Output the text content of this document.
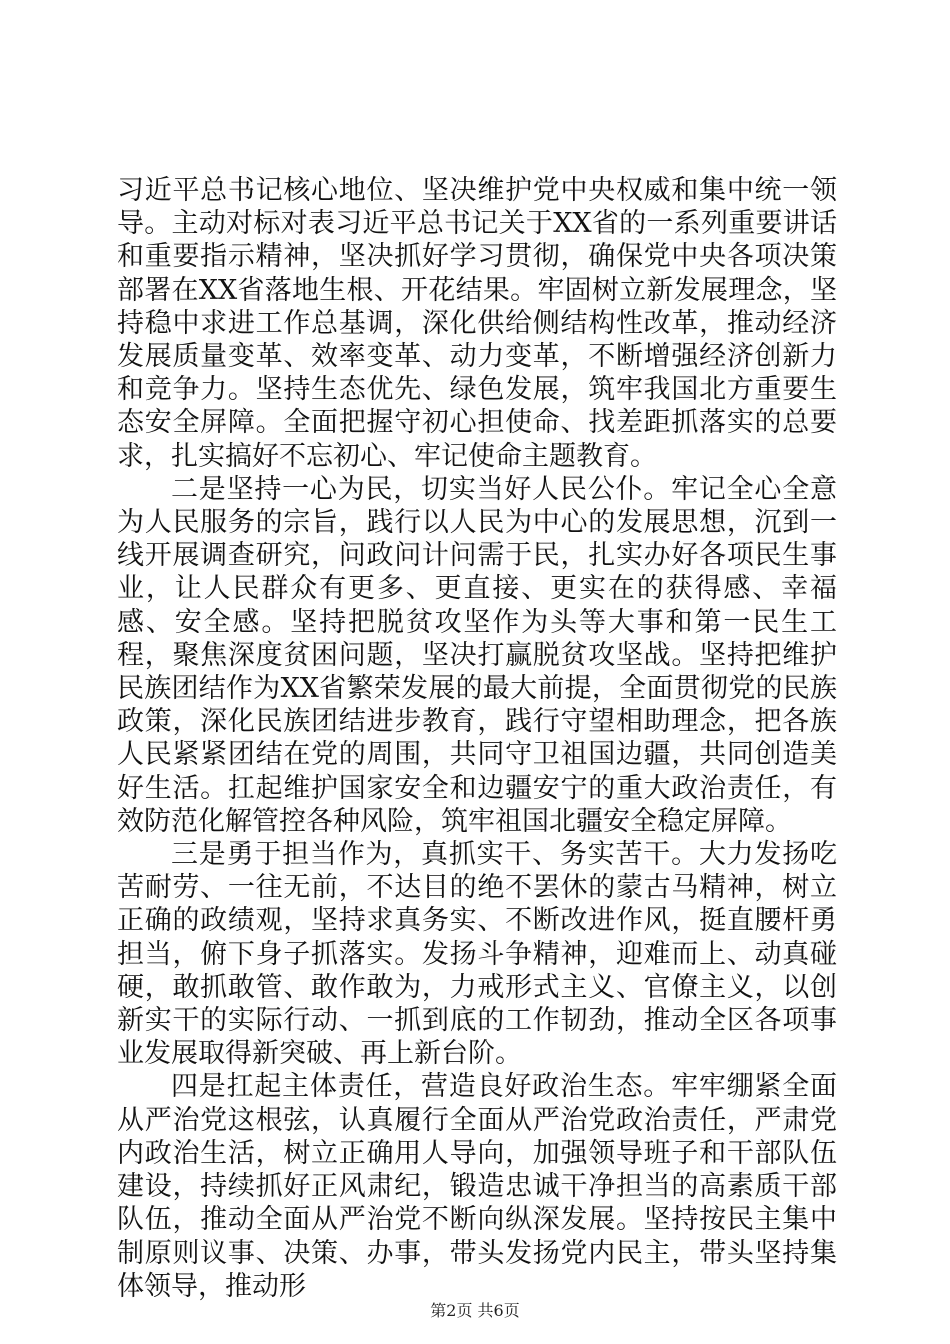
习近平总书记核心地位、坚决维护党中央权威和集中统一领导。主动对标对表习近平总书记关于XX省的一系列重要讲话和重要指示精神，坚决抓好学习贯彻，确保党中央各项决策部署在XX省落地生根、开花结果。牢固树立新发展理念，坚持稳中求进工作总基调，深化供给侧结构性改革，推动经济发展质量变革、效率变革、动力变革，不断增强经济创新力和竞争力。坚持生态优先、绿色发展，筑牢我国北方重要生态安全屏障。全面把握守初心担使命、找差距抓落实的总要求，扎实搞好不忘初心、牢记使命主题教育。

二是坚持一心为民，切实当好人民公仆。牢记全心全意为人民服务的宗旨，践行以人民为中心的发展思想，沉到一线开展调查研究，问政问计问需于民，扎实办好各项民生事业，让人民群众有更多、更直接、更实在的获得感、幸福感、安全感。坚持把脱贫攻坚作为头等大事和第一民生工程，聚焦深度贫困问题，坚决打赢脱贫攻坚战。坚持把维护民族团结作为XX省繁荣发展的最大前提，全面贯彻党的民族政策，深化民族团结进步教育，践行守望相助理念，把各族人民紧紧团结在党的周围，共同守卫祖国边疆，共同创造美好生活。扛起维护国家安全和边疆安宁的重大政治责任，有效防范化解管控各种风险，筑牢祖国北疆安全稳定屏障。

三是勇于担当作为，真抓实干、务实苦干。大力发扬吃苦耐劳、一往无前，不达目的绝不罢休的蒙古马精神，树立正确的政绩观，坚持求真务实、不断改进作风，挺直腰杆勇担当，俯下身子抓落实。发扬斗争精神，迎难而上、动真碰硬，敢抓敢管、敢作敢为，力戒形式主义、官僚主义，以创新实干的实际行动、一抓到底的工作韧劲，推动全区各项事业发展取得新突破、再上新台阶。

四是扛起主体责任，营造良好政治生态。牢牢绷紧全面从严治党这根弦，认真履行全面从严治党政治责任，严肃党内政治生活，树立正确用人导向，加强领导班子和干部队伍建设，持续抓好正风肃纪，锻造忠诚干净担当的高素质干部队伍，推动全面从严治党不断向纵深发展。坚持按民主集中制原则议事、决策、办事，带头发扬党内民主，带头坚持集体领导，推动形

第2页 共6页
